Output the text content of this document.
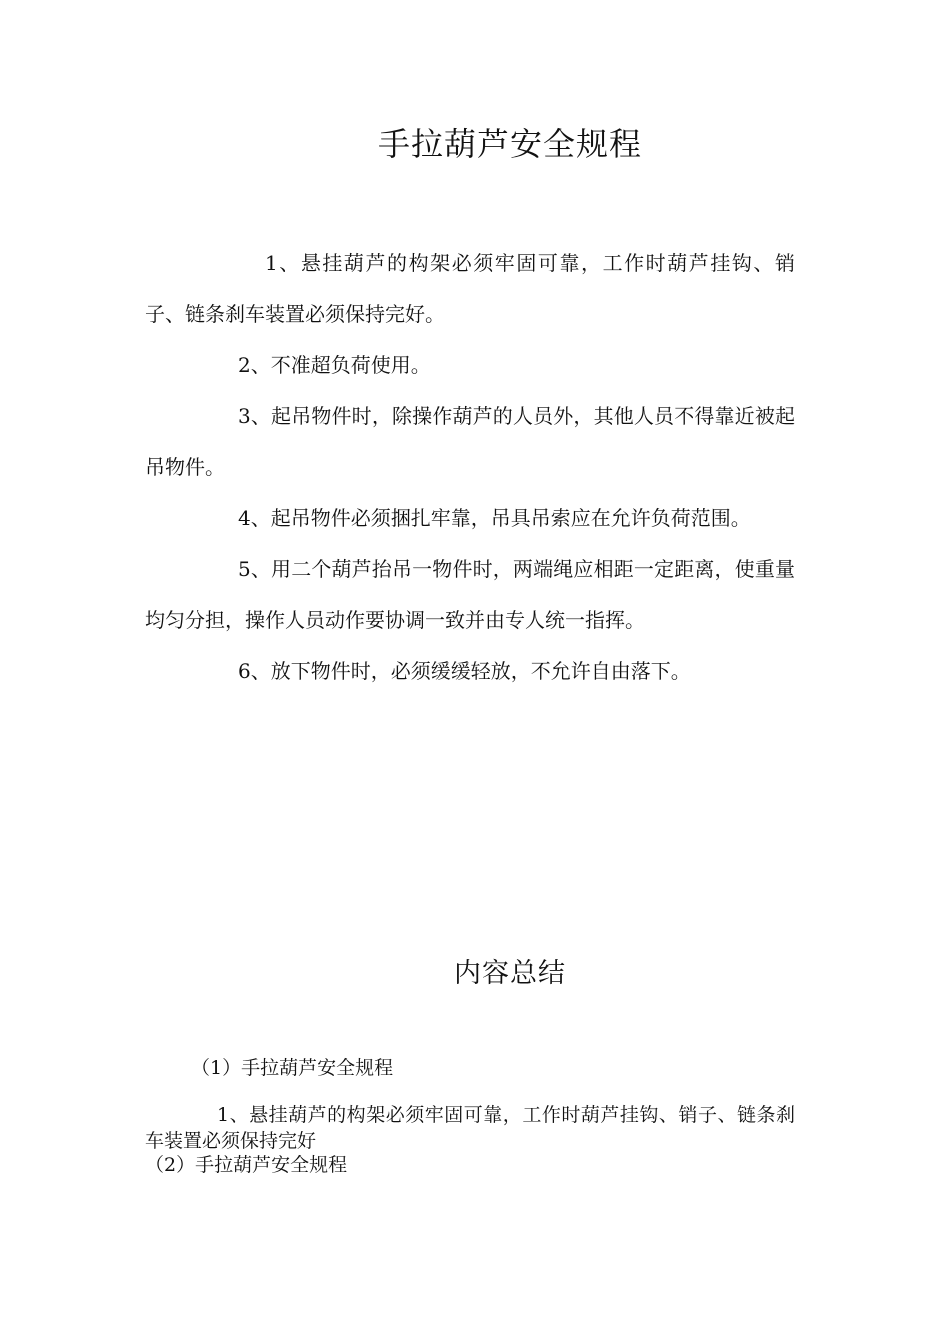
手拉葫芦安全规程

1、悬挂葫芦的构架必须牢固可靠，工作时葫芦挂钩、销子、链条刹车装置必须保持完好。

2、不准超负荷使用。

3、起吊物件时，除操作葫芦的人员外，其他人员不得靠近被起吊物件。

4、起吊物件必须捆扎牢靠，吊具吊索应在允许负荷范围。

5、用二个葫芦抬吊一物件时，两端绳应相距一定距离，使重量均匀分担，操作人员动作要协调一致并由专人统一指挥。

6、放下物件时，必须缓缓轻放，不允许自由落下。

内容总结

（1）手拉葫芦安全规程

1、悬挂葫芦的构架必须牢固可靠，工作时葫芦挂钩、销子、链条刹车装置必须保持完好

（2）手拉葫芦安全规程
